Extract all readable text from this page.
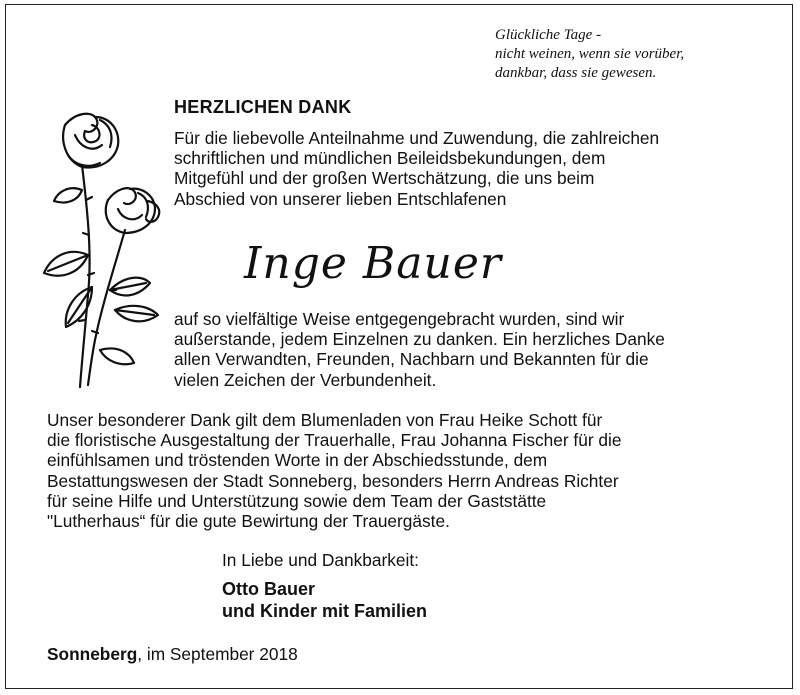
Glückliche Tage -
nicht weinen, wenn sie vorüber,
dankbar, dass sie gewesen.
HERZLICHEN DANK
Für die liebevolle Anteilnahme und Zuwendung, die zahlreichen
schriftlichen und mündlichen Beileidsbekundungen, dem
Mitgefühl und der großen Wertschätzung, die uns beim
Abschied von unserer lieben Entschlafenen
Inge Bauer
auf so vielfältige Weise entgegengebracht wurden, sind wir
außerstande, jedem Einzelnen zu danken. Ein herzliches Danke
allen Verwandten, Freunden, Nachbarn und Bekannten für die
vielen Zeichen der Verbundenheit.
Unser besonderer Dank gilt dem Blumenladen von Frau Heike Schott für
die floristische Ausgestaltung der Trauerhalle, Frau Johanna Fischer für die
einfühlsamen und tröstenden Worte in der Abschiedsstunde, dem
Bestattungswesen der Stadt Sonneberg, besonders Herrn Andreas Richter
für seine Hilfe und Unterstützung sowie dem Team der Gaststätte
"Lutherhaus“ für die gute Bewirtung der Trauergäste.
In Liebe und Dankbarkeit:
Otto Bauer
und Kinder mit Familien
Sonneberg, im September 2018
